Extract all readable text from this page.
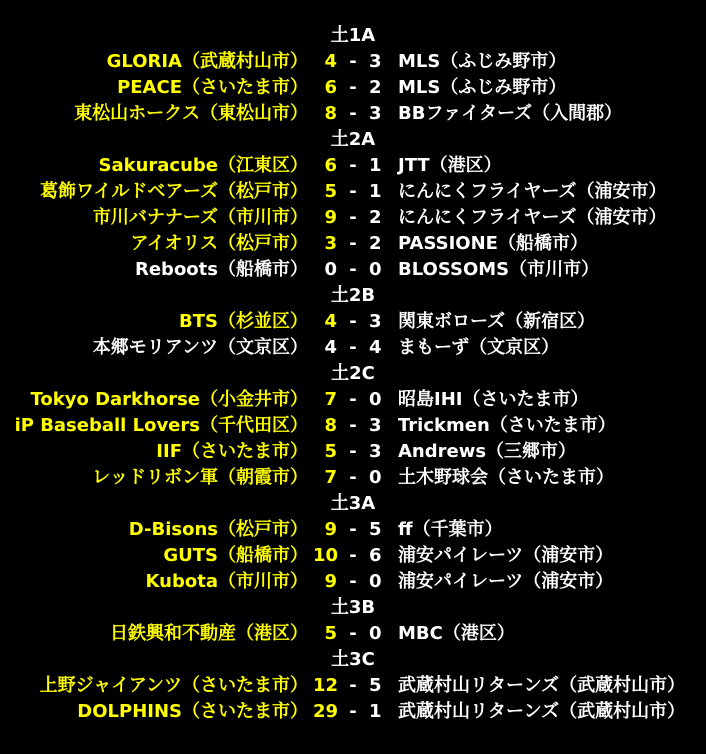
土1A
GLORIA（武蔵村山市） 4 - 3 MLS（ふじみ野市）
PEACE（さいたま市） 6 - 2 MLS（ふじみ野市）
東松山ホークス（東松山市） 8 - 3 BBファイターズ（入間郡）
土2A
Sakuracube（江東区） 6 - 1 JTT（港区）
葛飾ワイルドベアーズ（松戸市） 5 - 1 にんにくフライヤーズ（浦安市）
市川バナナーズ（市川市） 9 - 2 にんにくフライヤーズ（浦安市）
アイオリス（松戸市） 3 - 2 PASSIONE（船橋市）
Reboots（船橋市） 0 - 0 BLOSSOMS（市川市）
土2B
BTS（杉並区） 4 - 3 関東ボローズ（新宿区）
本郷モリアンツ（文京区） 4 - 4 まもーず（文京区）
土2C
Tokyo Darkhorse（小金井市） 7 - 0 昭島IHI（さいたま市）
iP Baseball Lovers（千代田区） 8 - 3 Trickmen（さいたま市）
IIF（さいたま市） 5 - 3 Andrews（三郷市）
レッドリボン軍（朝霞市） 7 - 0 土木野球会（さいたま市）
土3A
D-Bisons（松戸市） 9 - 5 ff（千葉市）
GUTS（船橋市） 10 - 6 浦安パイレーツ（浦安市）
Kubota（市川市） 9 - 0 浦安パイレーツ（浦安市）
土3B
日鉄興和不動産（港区） 5 - 0 MBC（港区）
土3C
上野ジャイアンツ（さいたま市） 12 - 5 武蔵村山リターンズ（武蔵村山市）
DOLPHINS（さいたま市） 29 - 1 武蔵村山リターンズ（武蔵村山市）
